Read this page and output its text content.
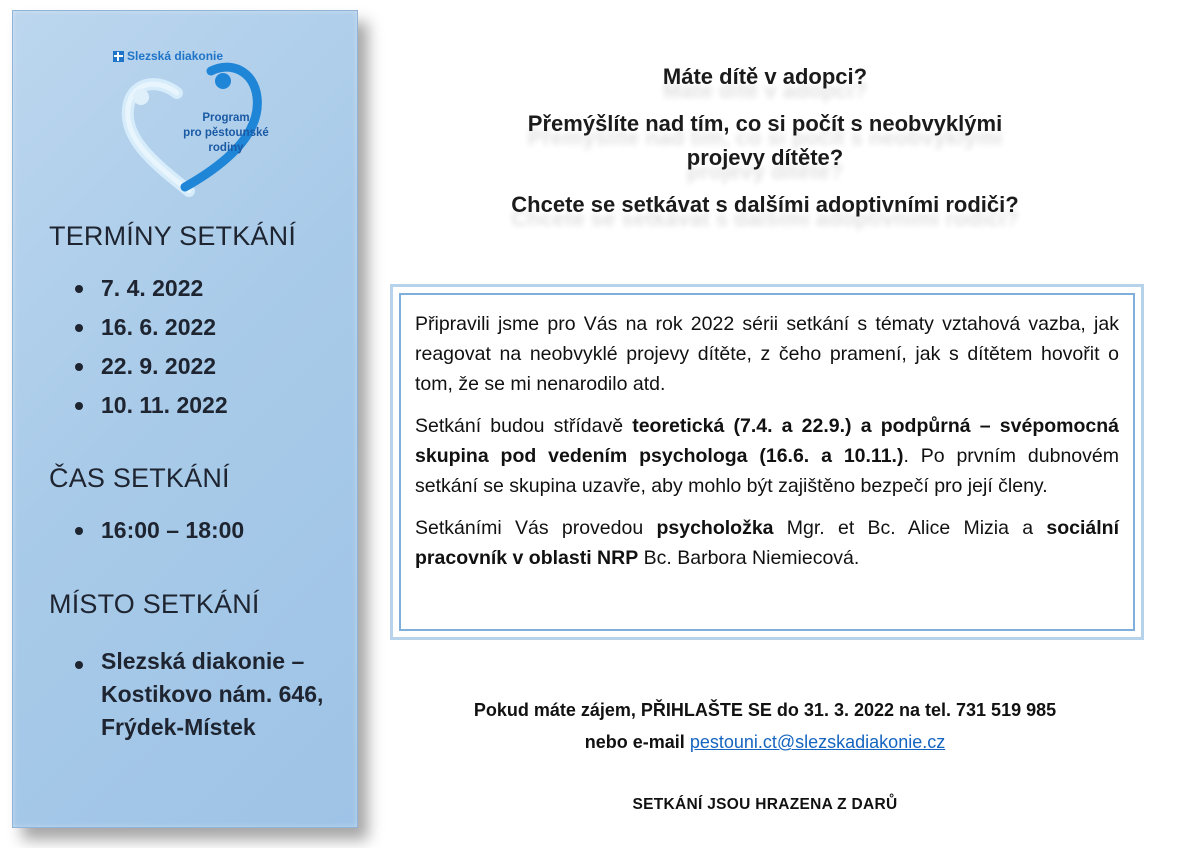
Slezská diakonie
Program
pro pěstounské
rodiny
TERMÍNY SETKÁNÍ
7. 4. 2022
16. 6. 2022
22. 9. 2022
10. 11. 2022
ČAS SETKÁNÍ
16:00 – 18:00
MÍSTO SETKÁNÍ
Slezská diakonie –
Kostikovo nám. 646,
Frýdek-Místek

Máte dítě v adopci?

Přemýšlíte nad tím, co si počít s neobvyklými
projevy dítěte?

Chcete se setkávat s dalšími adoptivními rodiči?

Připravili jsme pro Vás na rok 2022 sérii setkání s tématy vztahová vazba, jak reagovat na neobvyklé projevy dítěte, z čeho pramení, jak s dítětem hovořit o tom, že se mi nenarodilo atd.

Setkání budou střídavě teoretická (7.4. a 22.9.) a podpůrná – svépomocná skupina pod vedením psychologa (16.6. a 10.11.). Po prvním dubnovém setkání se skupina uzavře, aby mohlo být zajištěno bezpečí pro její členy.

Setkáními Vás provedou psycholožka Mgr. et Bc. Alice Mizia a sociální pracovník v oblasti NRP Bc. Barbora Niemiecová.

Pokud máte zájem, PŘIHLAŠTE SE do 31. 3. 2022 na tel. 731 519 985
nebo e-mail pestouni.ct@slezskadiakonie.cz
SETKÁNÍ JSOU HRAZENA Z DARŮ
